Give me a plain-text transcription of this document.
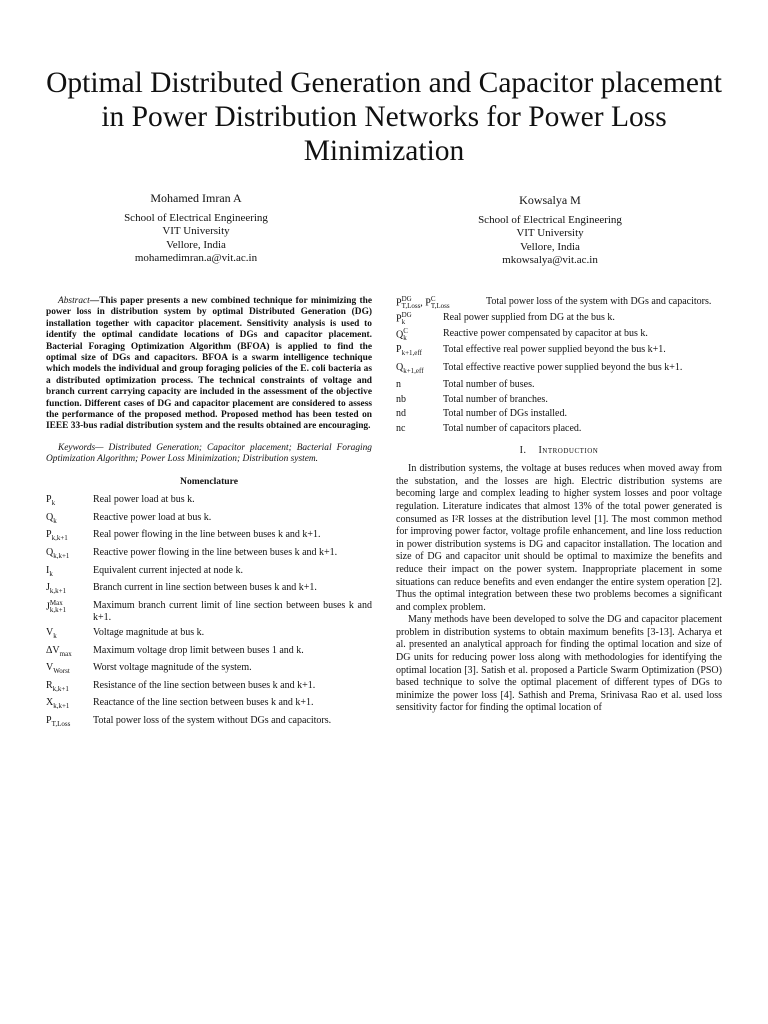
Optimal Distributed Generation and Capacitor placement in Power Distribution Networks for Power Loss Minimization
Mohamed Imran A
School of Electrical Engineering
VIT University
Vellore, India
mohamedimran.a@vit.ac.in
Kowsalya M
School of Electrical Engineering
VIT University
Vellore, India
mkowsalya@vit.ac.in

Abstract—This paper presents a new combined technique for minimizing the power loss in distribution system by optimal Distributed Generation (DG) installation together with capacitor placement. Sensitivity analysis is used to identify the optimal candidate locations of DGs and capacitor placement. Bacterial Foraging Optimization Algorithm (BFOA) is applied to find the optimal size of DGs and capacitors. BFOA is a swarm intelligence technique which models the individual and group foraging policies of the E. coli bacteria as a distributed optimization process. The technical constraints of voltage and branch current carrying capacity are included in the assessment of the objective function. Different cases of DG and capacitor placement are considered to assess the performance of the proposed method. Proposed method has been tested on IEEE 33-bus radial distribution system and the results obtained are encouraging.

Keywords— Distributed Generation; Capacitor placement; Bacterial Foraging Optimization Algorithm; Power Loss Minimization; Distribution system.

Nomenclature
$P_k$	Real power load at bus k.
$Q_k$	Reactive power load at bus k.
$P_{k,k+1}$	Real power flowing in the line between buses k and k+1.
$Q_{k,k+1}$	Reactive power flowing in the line between buses k and k+1.
$I_k$	Equivalent current injected at node k.
$J_{k,k+1}$	Branch current in line section between buses k and k+1.
J Max
k,k+1	Maximum branch current limit of line section between buses k and k+1.
$V_k$	Voltage magnitude at bus k.
$\Delta V_{max}$	Maximum voltage drop limit between buses 1 and k.
$V_{Worst}$	Worst voltage magnitude of the system.
$R_{k,k+1}$	Resistance of the line section between buses k and k+1.
$X_{k,k+1}$	Reactance of the line section between buses k and k+1.
$P_{T,Loss}$	Total power loss of the system without DGs and capacitors.
P DG
T,Loss , P C
T,Loss	Total power loss of the system with DGs and capacitors.
P DG
k	Real power supplied from DG at the bus k.
Q C
k	Reactive power compensated by capacitor at bus k.
$P_{k+1,eff}$	Total effective real power supplied beyond the bus k+1.
$Q_{k+1,eff}$	Total effective reactive power supplied beyond the bus k+1.
n	Total number of buses.
nb	Total number of branches.
nd	Total number of DGs installed.
nc	Total number of capacitors placed.
I. Introduction

In distribution systems, the voltage at buses reduces when moved away from the substation, and the losses are high. Electric distribution systems are becoming large and complex leading to higher system losses and poor voltage regulation. Literature indicates that almost 13% of the total power generated is consumed as I²R losses at the distribution level [1]. The most common method for improving power factor, voltage profile enhancement, and line loss reduction in power distribution systems is DG and capacitor installation. The location and size of DG and capacitor unit should be optimal to maximize the benefits and reduce their impact on the power system. Inappropriate placement in some situations can reduce benefits and even endanger the entire system operation [2]. Thus the optimal integration between these two problems becomes a significant and complex problem.

Many methods have been developed to solve the DG and capacitor placement problem in distribution systems to obtain maximum benefits [3-13]. Acharya et al. presented an analytical approach for finding the optimal location and size of DG units for reducing power loss along with methodologies for identifying the optimal location [3]. Satish et al. proposed a Particle Swarm Optimization (PSO) based technique to solve the optimal placement of different types of DGs to minimize the power loss [4]. Sathish and Prema, Srinivasa Rao et al. used loss sensitivity factor for finding the optimal location of
